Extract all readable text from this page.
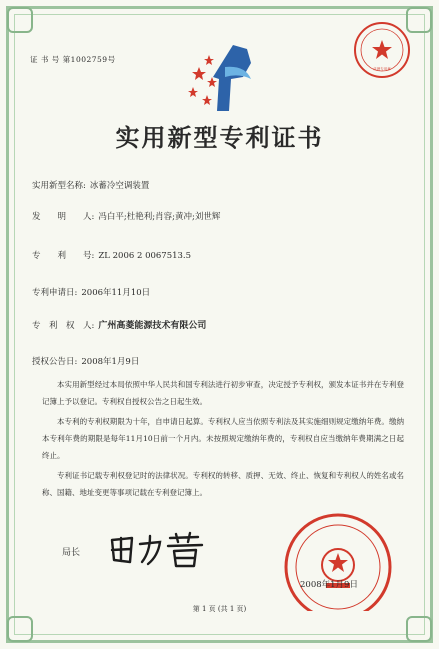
证 书 号 第1002759号
代理专用章
实用新型专利证书
实用新型名称: 冰蓄冷空调装置
发　　明　　人: 冯白平;杜艳利;肖容;黄冲;刘世辉
专　　利　　号: ZL 2006 2 0067513.5
专利申请日: 2006年11月10日
专　利　权　人: 广州高菱能源技术有限公司
授权公告日: 2008年1月9日

本实用新型经过本局依照中华人民共和国专利法进行初步审查，决定授予专利权，颁发本证书并在专利登记簿上予以登记。专利权自授权公告之日起生效。

本专利的专利权期限为十年，自申请日起算。专利权人应当依照专利法及其实施细则规定缴纳年费。缴纳本专利年费的期限是每年11月10日前一个月内。未按照规定缴纳年费的，专利权自应当缴纳年费期满之日起终止。

专利证书记载专利权登记时的法律状况。专利权的转移、质押、无效、终止、恢复和专利权人的姓名或名称、国籍、地址变更等事项记载在专利登记簿上。

局长
2008年1月9日
第 1 页 (共 1 页)
